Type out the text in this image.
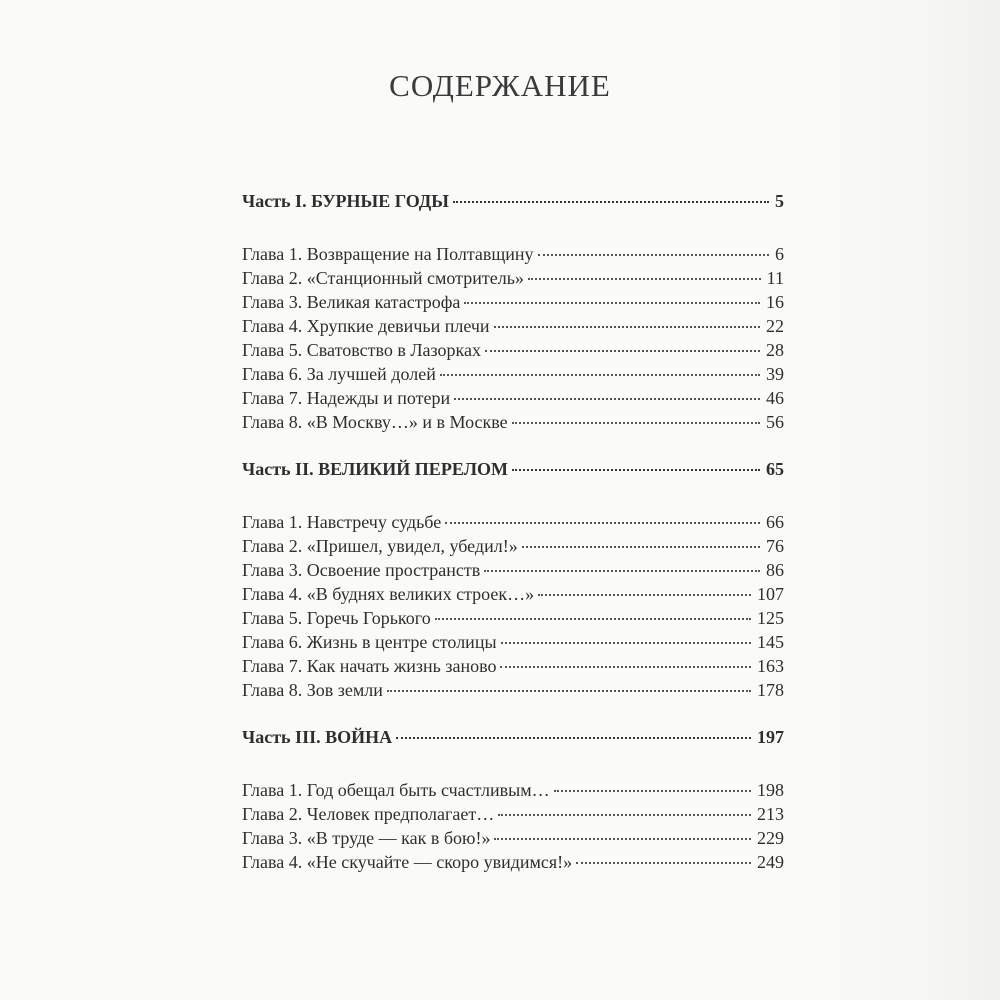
СОДЕРЖАНИЕ
Часть I. БУРНЫЕ ГОДЫ	5
Глава 1. Возвращение на Полтавщину	6
Глава 2. «Станционный смотритель»	11
Глава 3. Великая катастрофа	16
Глава 4. Хрупкие девичьи плечи	22
Глава 5. Сватовство в Лазорках	28
Глава 6. За лучшей долей	39
Глава 7. Надежды и потери	46
Глава 8. «В Москву…» и в Москве	56
Часть II. ВЕЛИКИЙ ПЕРЕЛОМ	65
Глава 1. Навстречу судьбе	66
Глава 2. «Пришел, увидел, убедил!»	76
Глава 3. Освоение пространств	86
Глава 4. «В буднях великих строек…»	107
Глава 5. Горечь Горького	125
Глава 6. Жизнь в центре столицы	145
Глава 7. Как начать жизнь заново	163
Глава 8. Зов земли	178
Часть III. ВОЙНА	197
Глава 1. Год обещал быть счастливым…	198
Глава 2. Человек предполагает…	213
Глава 3. «В труде — как в бою!»	229
Глава 4. «Не скучайте — скоро увидимся!»	249
